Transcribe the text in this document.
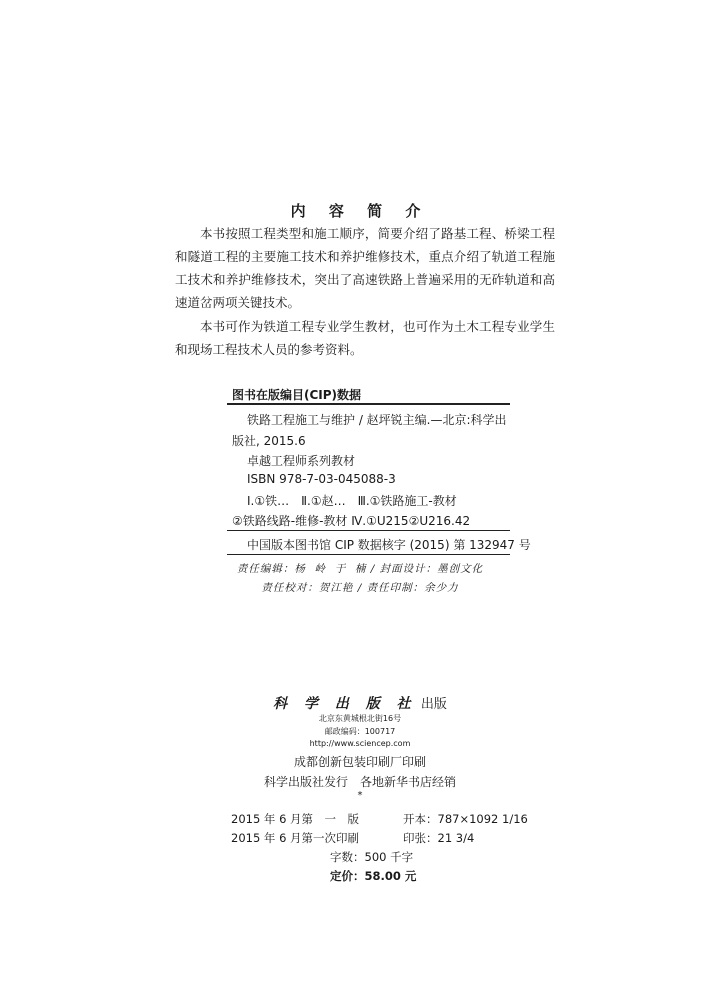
内 容 简 介

本书按照工程类型和施工顺序，简要介绍了路基工程、桥梁工程和隧道工程的主要施工技术和养护维修技术，重点介绍了轨道工程施工技术和养护维修技术，突出了高速铁路上普遍采用的无砟轨道和高速道岔两项关键技术。

本书可作为铁道工程专业学生教材，也可作为土木工程专业学生和现场工程技术人员的参考资料。

图书在版编目(CIP)数据
铁路工程施工与维护 / 赵坪锐主编.—北京:科学出
版社, 2015.6
卓越工程师系列教材
ISBN 978-7-03-045088-3
Ⅰ.①铁…　Ⅱ.①赵…　Ⅲ.①铁路施工-教材
②铁路线路-维修-教材 Ⅳ.①U215②U216.42
中国版本图书馆 CIP 数据核字 (2015) 第 132947 号
责任编辑：杨  岭  于  楠 / 封面设计：墨创文化
责任校对：贺江艳 / 责任印制：余少力
科 学 出 版 社 出版
北京东黄城根北街16号
邮政编码：100717
http://www.sciencep.com
成都创新包装印刷厂印刷
科学出版社发行　各地新华书店经销
*
2015 年 6 月第　一　版	开本：787×1092 1/16
2015 年 6 月第一次印刷	印张：21 3/4
字数：500 千字
定价：58.00 元
